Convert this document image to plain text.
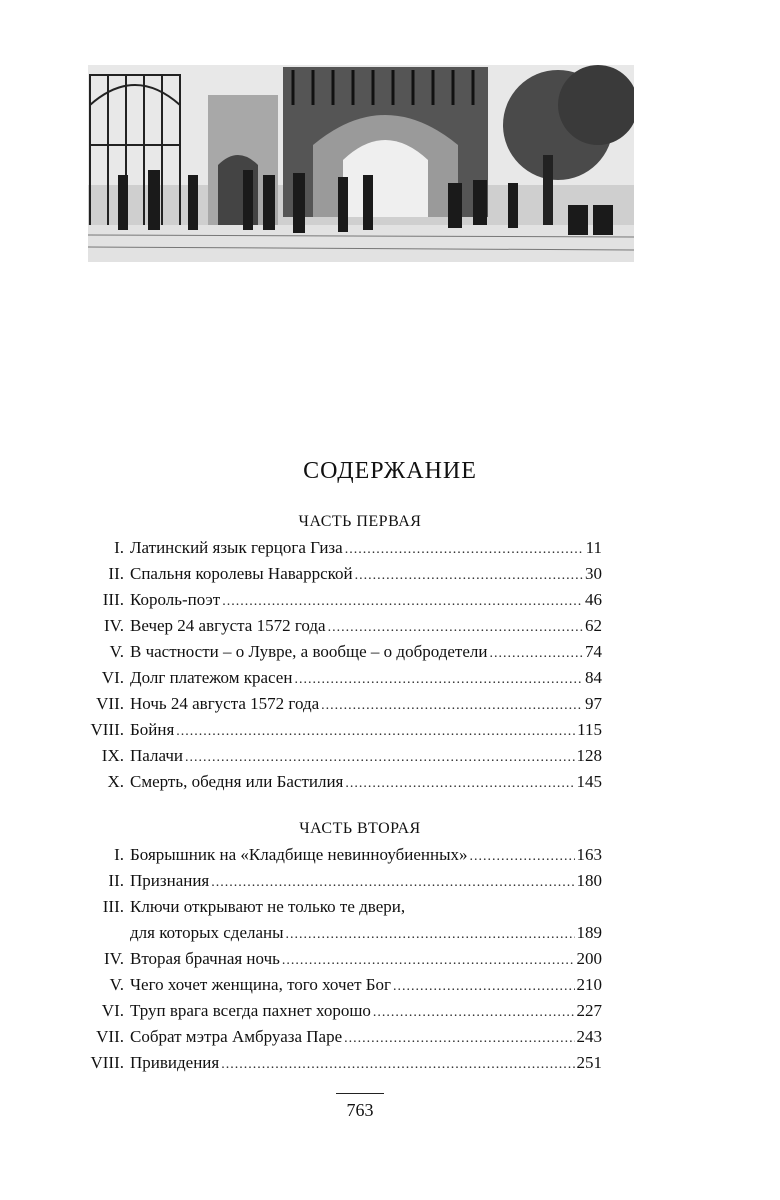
СОДЕРЖАНИЕ
ЧАСТЬ ПЕРВАЯ
I. Латинский язык герцога Гиза .....	11
II. Спальня королевы Наваррской .....	30
III. Король-поэт .....	46
IV. Вечер 24 августа 1572 года .....	62
V. В частности – о Лувре, а вообще – о добродетели .....	74
VI. Долг платежом красен .....	84
VII. Ночь 24 августа 1572 года .....	97
VIII. Бойня .....	115
IX. Палачи .....	128
X. Смерть, обедня или Бастилия .....	145
ЧАСТЬ ВТОРАЯ
I. Боярышник на «Кладбище невинноубиенных» .....	163
II. Признания .....	180
III. Ключи открывают не только те двери,
для которых сделаны .....	189
IV. Вторая брачная ночь .....	200
V. Чего хочет женщина, того хочет Бог .....	210
VI. Труп врага всегда пахнет хорошо .....	227
VII. Собрат мэтра Амбруаза Паре .....	243
VIII. Привидения .....	251
763
